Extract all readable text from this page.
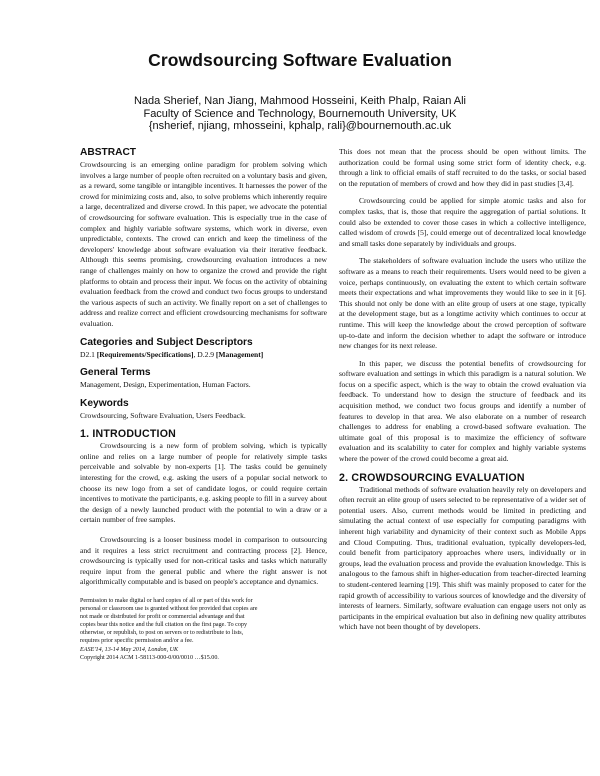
Crowdsourcing Software Evaluation
Nada Sherief, Nan Jiang, Mahmood Hosseini, Keith Phalp, Raian Ali
Faculty of Science and Technology, Bournemouth University, UK
{nsherief, njiang, mhosseini, kphalp, rali}@bournemouth.ac.uk
ABSTRACT

Crowdsourcing is an emerging online paradigm for problem solving which involves a large number of people often recruited on a voluntary basis and given, as a reward, some tangible or intangible incentives. It harnesses the power of the crowd for minimizing costs and, also, to solve problems which inherently require a large, decentralized and diverse crowd. In this paper, we advocate the potential of crowdsourcing for software evaluation. This is especially true in the case of complex and highly variable software systems, which work in diverse, even unpredictable, contexts. The crowd can enrich and keep the timeliness of the developers' knowledge about software evaluation via their iterative feedback. Although this seems promising, crowdsourcing evaluation introduces a new range of challenges mainly on how to organize the crowd and provide the right platforms to obtain and process their input. We focus on the activity of obtaining evaluation feedback from the crowd and conduct two focus groups to understand the various aspects of such an activity. We finally report on a set of challenges to address and realize correct and efficient crowdsourcing mechanisms for software evaluation.

Categories and Subject Descriptors

D2.1 [Requirements/Specifications], D.2.9 [Management]

General Terms

Management, Design, Experimentation, Human Factors.

Keywords

Crowdsourcing, Software Evaluation, Users Feedback.

1. INTRODUCTION

Crowdsourcing is a new form of problem solving, which is typically online and relies on a large number of people for relatively simple tasks perceivable and solvable by non-experts [1]. The tasks could be genuinely interesting for the crowd, e.g. asking the users of a popular social network to choose its new logo from a set of candidate logos, or could require certain incentives to motivate the participants, e.g. asking people to fill in a survey about the design of a newly launched product with the potential to win a draw or a certain number of free samples.

Crowdsourcing is a looser business model in comparison to outsourcing and it requires a less strict recruitment and contracting process [2]. Hence, crowdsourcing is typically used for non-critical tasks and tasks which naturally require input from the general public and where the right answer is not algorithmically computable and is based on people's acceptance and dynamics.

Permission to make digital or hard copies of all or part of this work for
personal or classroom use is granted without fee provided that copies are
not made or distributed for profit or commercial advantage and that
copies bear this notice and the full citation on the first page. To copy
otherwise, or republish, to post on servers or to redistribute to lists,
requires prior specific permission and/or a fee.
EASE'14, 13-14 May 2014, London, UK
Copyright 2014 ACM 1-58113-000-0/00/0010 …$15.00.

This does not mean that the process should be open without limits. The authorization could be formal using some strict form of identity check, e.g. through a link to official emails of staff recruited to do the tasks, or social based on the reputation of members of crowd and how they did in past studies [3,4].

Crowdsourcing could be applied for simple atomic tasks and also for complex tasks, that is, those that require the aggregation of partial solutions. It could also be extended to cover those cases in which a collective intelligence, called wisdom of crowds [5], could emerge out of decentralized local knowledge and small tasks done separately by individuals and groups.

The stakeholders of software evaluation include the users who utilize the software as a means to reach their requirements. Users would need to be given a voice, perhaps continuously, on evaluating the extent to which certain software meets their expectations and what improvements they would like to see in it [6]. This should not only be done with an elite group of users at one stage, typically at the development stage, but as a longtime activity which continues to occur at runtime. This will keep the knowledge about the crowd perception of software up-to-date and inform the decision whether to adapt the software or introduce new changes for its next release.

In this paper, we discuss the potential benefits of crowdsourcing for software evaluation and settings in which this paradigm is a natural solution. We focus on a specific aspect, which is the way to obtain the crowd evaluation via feedback. To understand how to design the structure of feedback and its acquisition method, we conduct two focus groups and identify a number of features to develop in that area. We also elaborate on a number of research challenges to address for enabling a crowd-based software evaluation. The ultimate goal of this proposal is to maximize the efficiency of software evaluation and its scalability to cater for complex and highly variable systems where the power of the crowd could become a great aid.

2. CROWDSOURCING EVALUATION

Traditional methods of software evaluation heavily rely on developers and often recruit an elite group of users selected to be representative of a wider set of potential users. Also, current methods would be limited in predicting and simulating the actual context of use especially for computing paradigms with inherent high variability and dynamicity of their context such as Mobile Apps and Cloud Computing. Thus, traditional evaluation, typically developers-led, could benefit from participatory approaches where users, individually or in groups, lead the evaluation process and provide the evaluation knowledge. This is analogous to the famous shift in higher-education from teacher-directed learning to student-centered learning [19]. This shift was mainly proposed to cater for the rapid growth of accessibility to various sources of knowledge and the diversity of interests of learners. Similarly, software evaluation can engage users not only as participants in the empirical evaluation but also in defining new quality attributes which have not been thought of by developers.
